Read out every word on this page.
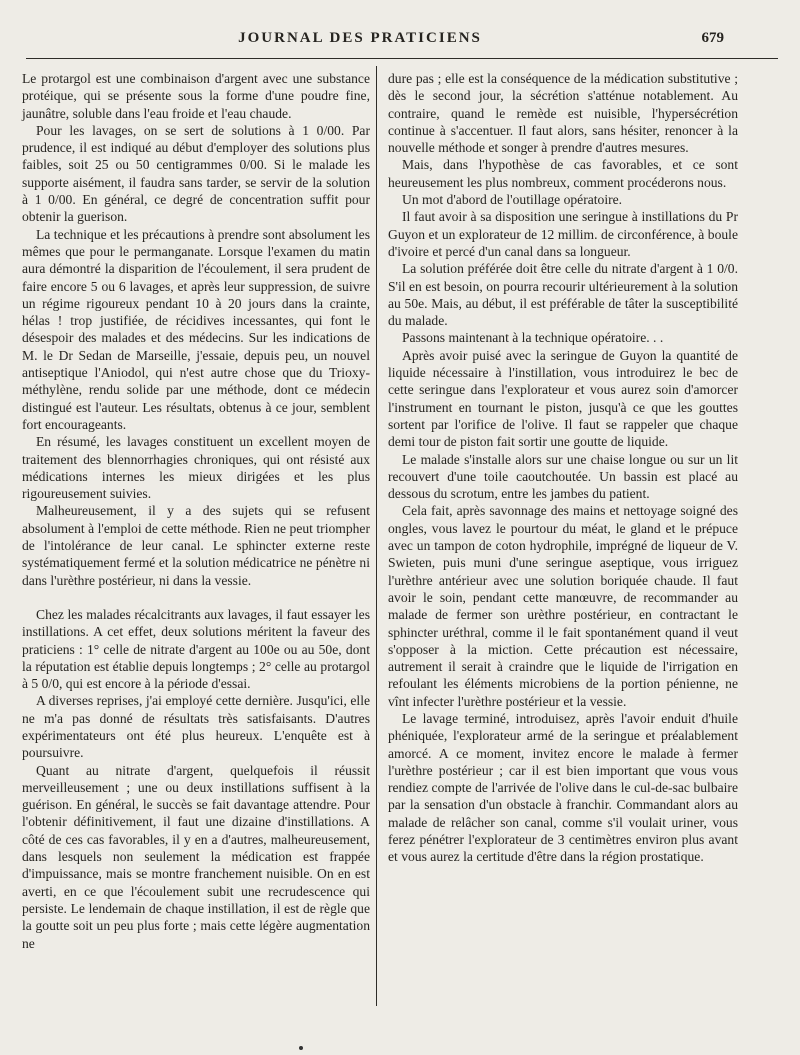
JOURNAL DES PRATICIENS	679

Le protargol est une combinaison d'argent avec une substance protéique, qui se présente sous la forme d'une poudre fine, jaunâtre, soluble dans l'eau froide et l'eau chaude.

Pour les lavages, on se sert de solutions à 1 0/00. Par prudence, il est indiqué au début d'employer des solutions plus faibles, soit 25 ou 50 centigrammes 0/00. Si le malade les supporte aisément, il faudra sans tarder, se servir de la solution à 1 0/00. En général, ce degré de concentration suffit pour obtenir la guerison.

La technique et les précautions à prendre sont absolument les mêmes que pour le permanganate. Lorsque l'examen du matin aura démontré la disparition de l'écoulement, il sera prudent de faire encore 5 ou 6 lavages, et après leur suppression, de suivre un régime rigoureux pendant 10 à 20 jours dans la crainte, hélas ! trop justifiée, de récidives incessantes, qui font le désespoir des malades et des médecins. Sur les indications de M. le Dr Sedan de Marseille, j'essaie, depuis peu, un nouvel antiseptique l'Aniodol, qui n'est autre chose que du Trioxy-méthylène, rendu solide par une méthode, dont ce médecin distingué est l'auteur. Les résultats, obtenus à ce jour, semblent fort encourageants.

En résumé, les lavages constituent un excellent moyen de traitement des blennorrhagies chroniques, qui ont résisté aux médications internes les mieux dirigées et les plus rigoureusement suivies.

Malheureusement, il y a des sujets qui se refusent absolument à l'emploi de cette méthode. Rien ne peut triompher de l'intolérance de leur canal. Le sphincter externe reste systématiquement fermé et la solution médicatrice ne pénètre ni dans l'urèthre postérieur, ni dans la vessie.

Chez les malades récalcitrants aux lavages, il faut essayer les instillations. A cet effet, deux solutions méritent la faveur des praticiens : 1° celle de nitrate d'argent au 100e ou au 50e, dont la réputation est établie depuis longtemps ; 2° celle au protargol à 5 0/0, qui est encore à la période d'essai.

A diverses reprises, j'ai employé cette dernière. Jusqu'ici, elle ne m'a pas donné de résultats très satisfaisants. D'autres expérimentateurs ont été plus heureux. L'enquête est à poursuivre.

Quant au nitrate d'argent, quelquefois il réussit merveilleusement ; une ou deux instillations suffisent à la guérison. En général, le succès se fait davantage attendre. Pour l'obtenir définitivement, il faut une dizaine d'instillations. A côté de ces cas favorables, il y en a d'autres, malheureusement, dans lesquels non seulement la médication est frappée d'impuissance, mais se montre franchement nuisible. On en est averti, en ce que l'écoulement subit une recrudescence qui persiste. Le lendemain de chaque instillation, il est de règle que la goutte soit un peu plus forte ; mais cette légère augmentation ne

dure pas ; elle est la conséquence de la médication substitutive ; dès le second jour, la sécrétion s'atténue notablement. Au contraire, quand le remède est nuisible, l'hypersécrétion continue à s'accentuer. Il faut alors, sans hésiter, renoncer à la nouvelle méthode et songer à prendre d'autres mesures.

Mais, dans l'hypothèse de cas favorables, et ce sont heureusement les plus nombreux, comment procéderons nous.

Un mot d'abord de l'outillage opératoire.

Il faut avoir à sa disposition une seringue à instillations du Pr Guyon et un explorateur de 12 millim. de circonférence, à boule d'ivoire et percé d'un canal dans sa longueur.

La solution préférée doit être celle du nitrate d'argent à 1 0/0. S'il en est besoin, on pourra recourir ultérieurement à la solution au 50e. Mais, au début, il est préférable de tâter la susceptibilité du malade.

Passons maintenant à la technique opératoire. . .

Après avoir puisé avec la seringue de Guyon la quantité de liquide nécessaire à l'instillation, vous introduirez le bec de cette seringue dans l'explorateur et vous aurez soin d'amorcer l'instrument en tournant le piston, jusqu'à ce que les gouttes sortent par l'orifice de l'olive. Il faut se rappeler que chaque demi tour de piston fait sortir une goutte de liquide.

Le malade s'installe alors sur une chaise longue ou sur un lit recouvert d'une toile caoutchoutée. Un bassin est placé au dessous du scrotum, entre les jambes du patient.

Cela fait, après savonnage des mains et nettoyage soigné des ongles, vous lavez le pourtour du méat, le gland et le prépuce avec un tampon de coton hydrophile, imprégné de liqueur de V. Swieten, puis muni d'une seringue aseptique, vous irriguez l'urèthre antérieur avec une solution boriquée chaude. Il faut avoir le soin, pendant cette manœuvre, de recommander au malade de fermer son urèthre postérieur, en contractant le sphincter uréthral, comme il le fait spontanément quand il veut s'opposer à la miction. Cette précaution est nécessaire, autrement il serait à craindre que le liquide de l'irrigation en refoulant les éléments microbiens de la portion pénienne, ne vînt infecter l'urèthre postérieur et la vessie.

Le lavage terminé, introduisez, après l'avoir enduit d'huile phéniquée, l'explorateur armé de la seringue et préalablement amorcé. A ce moment, invitez encore le malade à fermer l'urèthre postérieur ; car il est bien important que vous vous rendiez compte de l'arrivée de l'olive dans le cul-de-sac bulbaire par la sensation d'un obstacle à franchir. Commandant alors au malade de relâcher son canal, comme s'il voulait uriner, vous ferez pénétrer l'explorateur de 3 centimètres environ plus avant et vous aurez la certitude d'être dans la région prostatique.
